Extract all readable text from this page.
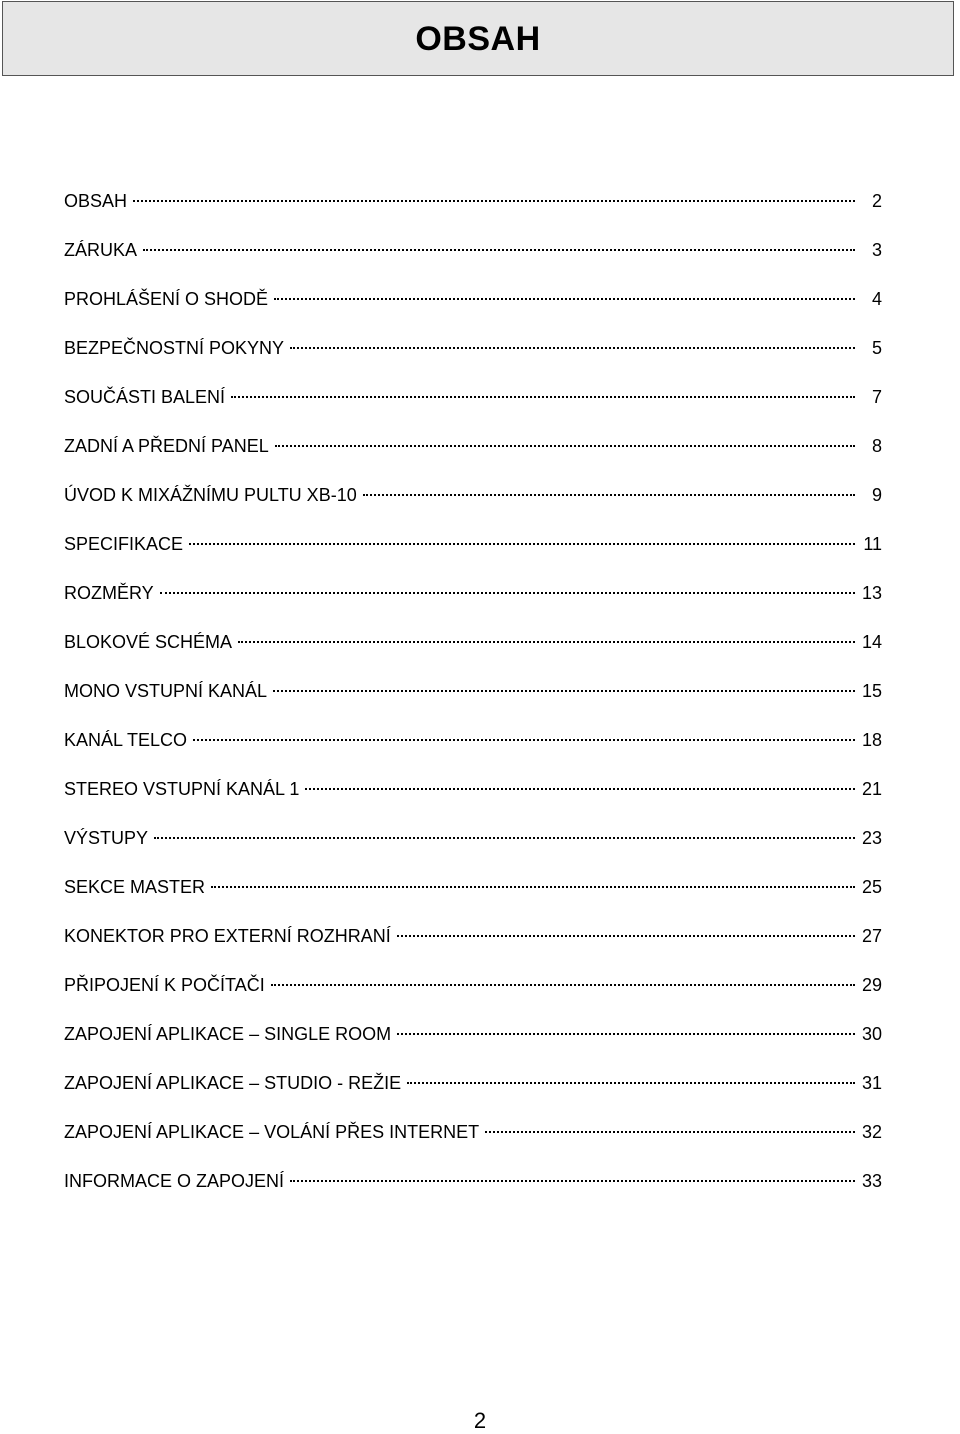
OBSAH
OBSAH	2
ZÁRUKA	3
PROHLÁŠENÍ O SHODĚ	4
BEZPEČNOSTNÍ POKYNY	5
SOUČÁSTI BALENÍ	7
ZADNÍ A PŘEDNÍ PANEL	8
ÚVOD K MIXÁŽNÍMU PULTU XB-10	9
SPECIFIKACE	11
ROZMĚRY	13
BLOKOVÉ SCHÉMA	14
MONO VSTUPNÍ KANÁL	15
KANÁL TELCO	18
STEREO VSTUPNÍ KANÁL 1	21
VÝSTUPY	23
SEKCE MASTER	25
KONEKTOR PRO EXTERNÍ ROZHRANÍ	27
PŘIPOJENÍ K POČÍTAČI	29
ZAPOJENÍ APLIKACE – SINGLE ROOM	30
ZAPOJENÍ APLIKACE – STUDIO - REŽIE	31
ZAPOJENÍ APLIKACE – VOLÁNÍ PŘES INTERNET	32
INFORMACE O ZAPOJENÍ	33
2
